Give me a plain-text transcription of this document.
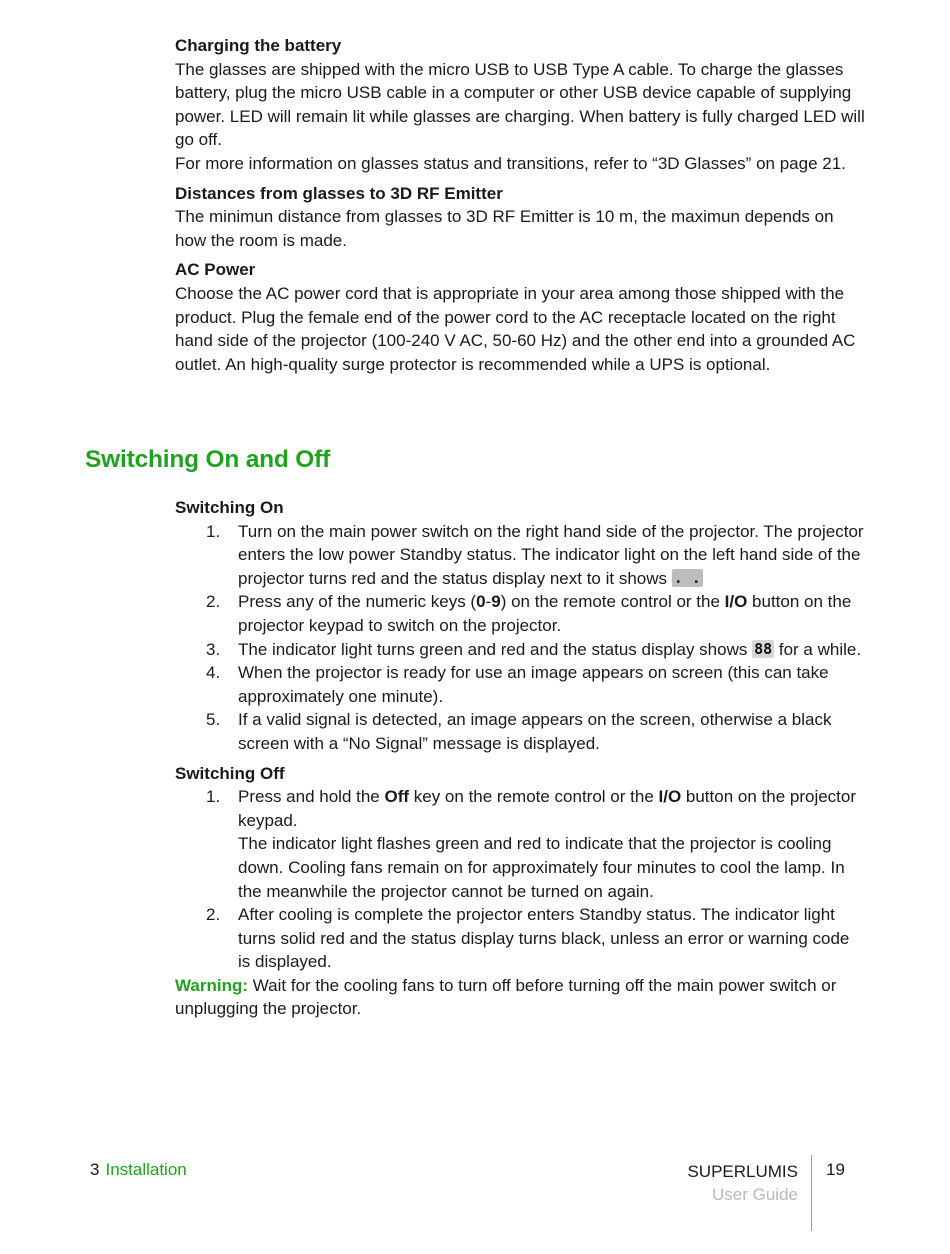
Charging the battery

The glasses are shipped with the micro USB to USB Type A cable. To charge the glasses battery, plug the micro USB cable in a computer or other USB device capable of supplying power. LED will remain lit while glasses are charging. When battery is fully charged LED will go off.

For more information on glasses status and transitions, refer to “3D Glasses” on page 21.

Distances from glasses to 3D RF Emitter

The minimun distance from glasses to 3D RF Emitter is 10 m, the maximun depends on how the room is made.

AC Power

Choose the AC power cord that is appropriate in your area among those shipped with the product. Plug the female end of the power cord to the AC receptacle located on the right hand side of the projector (100-240 V AC, 50-60 Hz) and the other end into a grounded AC outlet. An high-quality surge protector is recommended while a UPS is optional.

Switching On and Off

Switching On

1. Turn on the main power switch on the right hand side of the projector. The projector enters the low power Standby status. The indicator light on the left hand side of the projector turns red and the status display next to it shows . .
2. Press any of the numeric keys (0-9) on the remote control or the I/O button on the projector keypad to switch on the projector.
3. The indicator light turns green and red and the status display shows 88 for a while.
4. When the projector is ready for use an image appears on screen (this can take approximately one minute).
5. If a valid signal is detected, an image appears on the screen, otherwise a black screen with a “No Signal” message is displayed.

Switching Off

1. Press and hold the Off key on the remote control or the I/O button on the projector keypad.
The indicator light flashes green and red to indicate that the projector is cooling down. Cooling fans remain on for approximately four minutes to cool the lamp. In the meanwhile the projector cannot be turned on again.
2. After cooling is complete the projector enters Standby status. The indicator light turns solid red and the status display turns black, unless an error or warning code is displayed.

Warning: Wait for the cooling fans to turn off before turning off the main power switch or unplugging the projector.

3 Installation	SUPERLUMIS
User Guide
19
